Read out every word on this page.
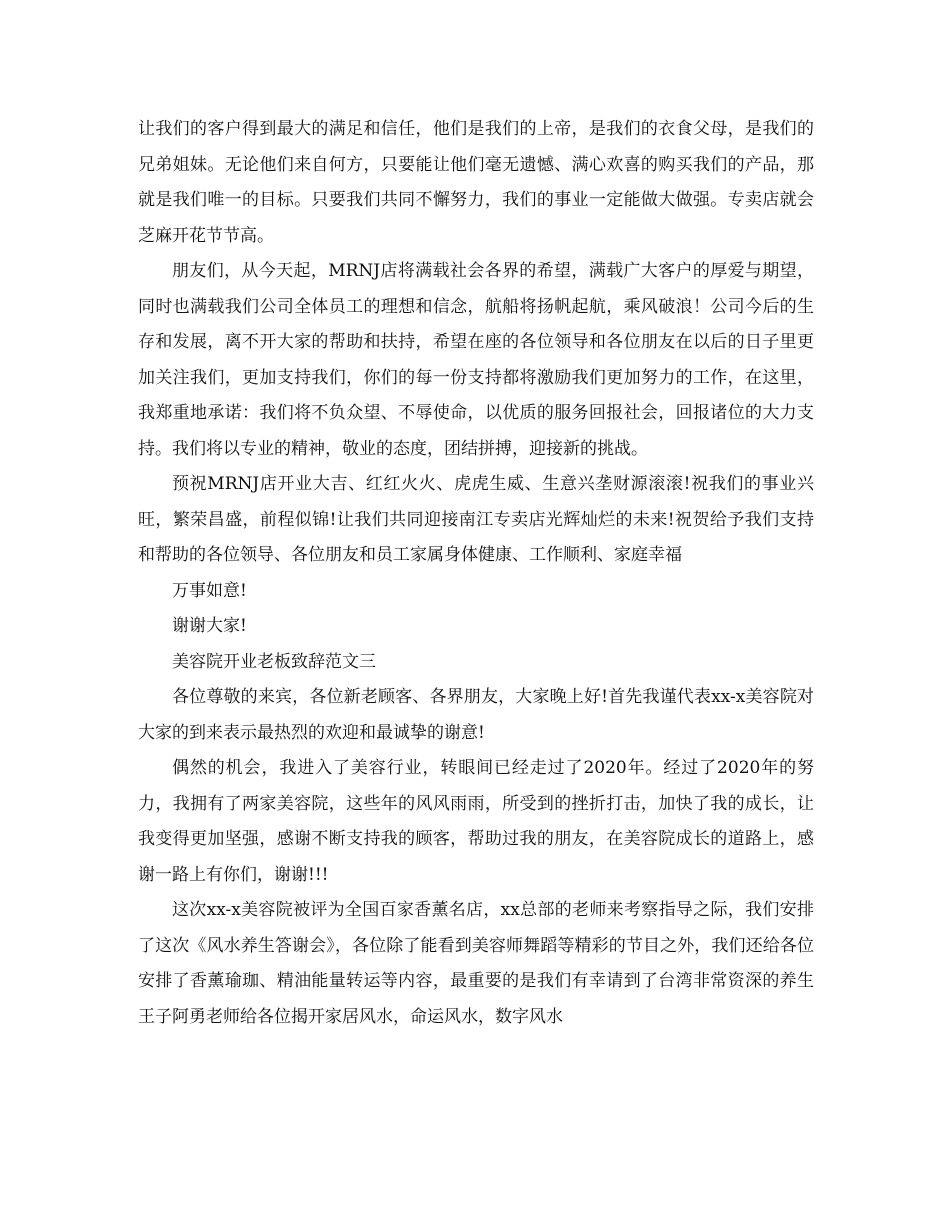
让我们的客户得到最大的满足和信任，他们是我们的上帝，是我们的衣食父母，是我们的兄弟姐妹。无论他们来自何方，只要能让他们毫无遗憾、满心欢喜的购买我们的产品，那就是我们唯一的目标。只要我们共同不懈努力，我们的事业一定能做大做强。专卖店就会芝麻开花节节高。

朋友们，从今天起，MRNJ店将满载社会各界的希望，满载广大客户的厚爱与期望，同时也满载我们公司全体员工的理想和信念，航船将扬帆起航，乘风破浪！公司今后的生存和发展，离不开大家的帮助和扶持，希望在座的各位领导和各位朋友在以后的日子里更加关注我们，更加支持我们，你们的每一份支持都将激励我们更加努力的工作，在这里，我郑重地承诺：我们将不负众望、不辱使命，以优质的服务回报社会，回报诸位的大力支持。我们将以专业的精神，敬业的态度，团结拼搏，迎接新的挑战。

预祝MRNJ店开业大吉、红红火火、虎虎生威、生意兴垄财源滚滚!祝我们的事业兴旺，繁荣昌盛，前程似锦!让我们共同迎接南江专卖店光辉灿烂的未来!祝贺给予我们支持和帮助的各位领导、各位朋友和员工家属身体健康、工作顺利、家庭幸福

万事如意!

谢谢大家!

美容院开业老板致辞范文三

各位尊敬的来宾，各位新老顾客、各界朋友，大家晚上好!首先我谨代表xx-x美容院对大家的到来表示最热烈的欢迎和最诚挚的谢意!

偶然的机会，我进入了美容行业，转眼间已经走过了2020年。经过了2020年的努力，我拥有了两家美容院，这些年的风风雨雨，所受到的挫折打击，加快了我的成长，让我变得更加坚强，感谢不断支持我的顾客，帮助过我的朋友，在美容院成长的道路上，感谢一路上有你们，谢谢!!!

这次xx-x美容院被评为全国百家香薰名店，xx总部的老师来考察指导之际，我们安排了这次《风水养生答谢会》，各位除了能看到美容师舞蹈等精彩的节目之外，我们还给各位安排了香薰瑜珈、精油能量转运等内容，最重要的是我们有幸请到了台湾非常资深的养生王子阿勇老师给各位揭开家居风水，命运风水，数字风水
